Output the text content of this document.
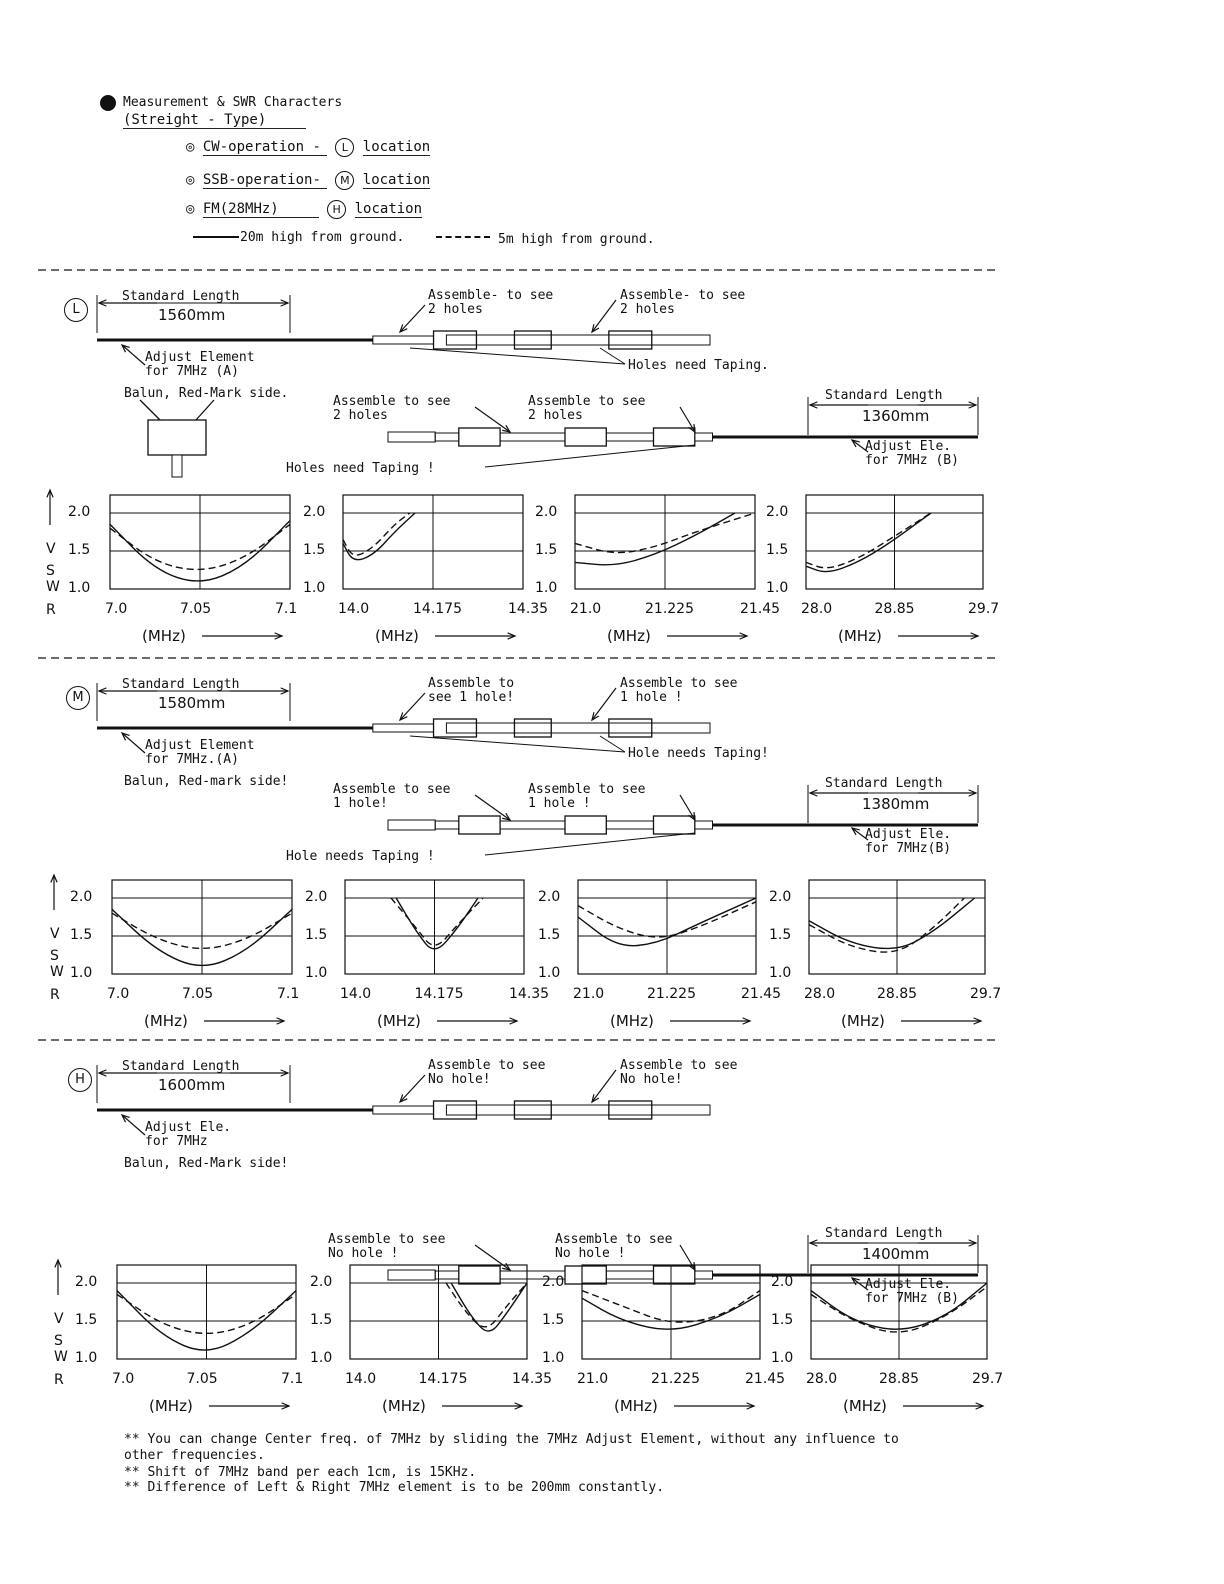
Measurement & SWR Characters
(Streight - Type)
◎ CW-operation - L location
◎ SSB-operation- M location
◎ FM(28MHz)	H location
20m high from ground.	5m high from ground.
L
Standard Length
1560mm
Assemble- to see
2 holes
Assemble- to see
2 holes
Holes need Taping.
Adjust Element
for 7MHz (A)
Balun, Red-Mark side.
Assemble to see
2 holes
Assemble to see
2 holes
Standard Length
1360mm
Adjust Ele.
for 7MHz (B)
Holes need Taping !
M
Standard Length
1580mm
Assemble to
see 1 hole!
Assemble to see
1 hole !
Hole needs Taping!
Adjust Element
for 7MHz.(A)
Balun, Red-mark side!
Assemble to see
1 hole!
Assemble to see
1 hole !
Standard Length
1380mm
Adjust Ele.
for 7MHz(B)
Hole needs Taping !
H
Standard Length
1600mm
Assemble to see
No hole!
Assemble to see
No hole!
Adjust Ele.
for 7MHz
Balun, Red-Mark side!
Assemble to see
No hole !
Assemble to see
No hole !
Standard Length
1400mm
Adjust Ele.
for 7MHz (B)
2.0
1.5
1.0
7.0	7.05	7.1
(MHz)
2.0
1.5
1.0
14.0	14.175	14.35
(MHz)
2.0
1.5
1.0
21.0	21.225	21.45
(MHz)
2.0
1.5
1.0
28.0	28.85	29.7
(MHz)
2.0
1.5
1.0
7.0	7.05	7.1
(MHz)
2.0
1.5
1.0
14.0	14.175	14.35
(MHz)
2.0
1.5
1.0
21.0	21.225	21.45
(MHz)
2.0
1.5
1.0
28.0	28.85	29.7
(MHz)
2.0
1.5
1.0
7.0	7.05	7.1
(MHz)
2.0
1.5
1.0
14.0	14.175	14.35
(MHz)
2.0
1.5
1.0
21.0	21.225	21.45
(MHz)
2.0
1.5
1.0
28.0	28.85	29.7
(MHz)
V
S
W
R
V
S
W
R
V
S
W
R
** You can change Center freq. of 7MHz by sliding the 7MHz Adjust Element, without any influence to other frequencies.
** Shift of 7MHz band per each 1cm, is 15KHz.
** Difference of Left & Right 7MHz element is to be 200mm constantly.
